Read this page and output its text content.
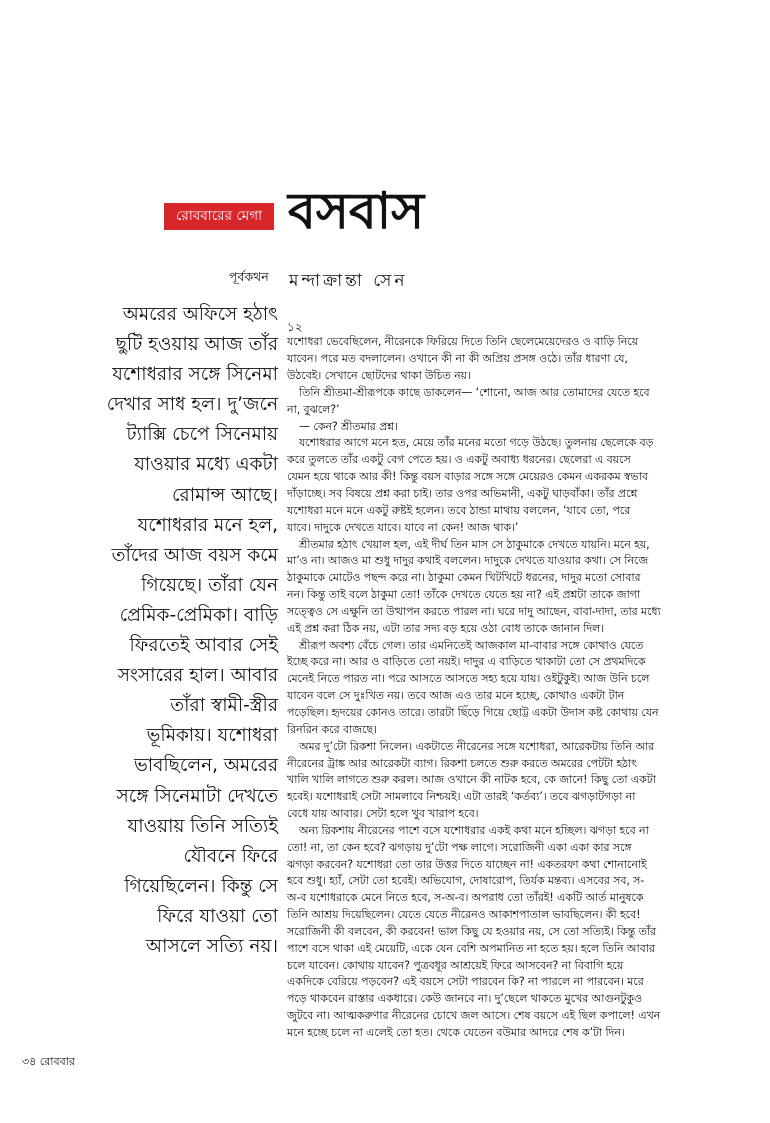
রোববারের মেগা বসবাস
পূর্বকথন মন্দাক্রান্তা সেন
অমরের অফিসে হঠাৎ
ছুটি হওয়ায় আজ তাঁর
যশোধরার সঙ্গে সিনেমা
দেখার সাধ হল। দু’জনে
ট্যাক্সি চেপে সিনেমায়
যাওয়ার মধ্যে একটা
রোমান্স আছে।
যশোধরার মনে হল,
তাঁদের আজ বয়স কমে
গিয়েছে। তাঁরা যেন
প্রেমিক-প্রেমিকা। বাড়ি
ফিরতেই আবার সেই
সংসারের হাল। আবার
তাঁরা স্বামী-স্ত্রীর
ভূমিকায়। যশোধরা
ভাবছিলেন, অমরের
সঙ্গে সিনেমাটা দেখতে
যাওয়ায় তিনি সত্যিই
যৌবনে ফিরে
গিয়েছিলেন। কিন্তু সে
ফিরে যাওয়া তো
আসলে সত্যি নয়।
১২
যশোধরা ভেবেছিলেন, নীরেনকে ফিরিয়ে দিতে তিনি ছেলেমেয়েদেরও ও বাড়ি নিয়ে
যাবেন। পরে মত বদলালেন। ওখানে কী না কী অপ্রিয় প্রসঙ্গ ওঠে। তাঁর ধারণা যে,
উঠবেই। সেখানে ছোটদের থাকা উচিত নয়।
তিনি শ্রীতমা-শ্রীরূপকে কাছে ডাকলেন— ‘শোনো, আজ আর তোমাদের যেতে হবে
না, বুঝলে?’
— কেন? শ্রীতমার প্রশ্ন।
যশোধরার আগে মনে হত, মেয়ে তাঁর মনের মতো গড়ে উঠছে। তুলনায় ছেলেকে বড়
করে তুলতে তাঁর একটু বেগ পেতে হয়। ও একটু অবাধ্য ধরনের। ছেলেরা এ বয়সে
যেমন হয়ে থাকে আর কী! কিন্তু বয়স বাড়ার সঙ্গে সঙ্গে মেয়েরও কেমন একরকম স্বভাব
দাঁড়াচ্ছে। সব বিষয়ে প্রশ্ন করা চাই। তার ওপর অভিমানী, একটু ঘাড়বাঁকা। তাঁর প্রশ্নে
যশোধরা মনে মনে একটু রুষ্টই হলেন। তবে ঠান্ডা মাথায় বললেন, ‘যাবে তো, পরে
যাবে। দাদুকে দেখতে যাবে। যাবে না কেন! আজ থাক।’
শ্রীতমার হঠাৎ খেয়াল হল, এই দীর্ঘ তিন মাস সে ঠাকুমাকে দেখতে যায়নি। মনে হয়,
মা’ও না। আজও মা শুধু দাদুর কথাই বললেন। দাদুকে দেখতে যাওয়ার কথা। সে নিজে
ঠাকুমাকে মোটেও পছন্দ করে না। ঠাকুমা কেমন খিটখিটে ধরনের, দাদুর মতো সোবার
নন। কিন্তু তাই বলে ঠাকুমা তো! তাঁকে দেখতে যেতে হয় না? এই প্রশ্নটা তাকে জাগা
সত্ত্বেও সে এক্ষুনি তা উত্থাপন করতে পারল না। ঘরে দাদু আছেন, বাবা-দাদা, তার মধ্যে
এই প্রশ্ন করা ঠিক নয়, এটা তার সদ্য বড় হয়ে ওঠা বোধ তাকে জানান দিল।
শ্রীরূপ অবশ্য বেঁচে গেল। তার এমনিতেই আজকাল মা-বাবার সঙ্গে কোথাও যেতে
ইচ্ছে করে না। আর ও বাড়িতে তো নয়ই। দাদুর এ বাড়িতে থাকাটা তো সে প্রথমদিকে
মেনেই নিতে পারত না। পরে আসতে আসতে সহ্য হয়ে যায়। ওইটুকুই। আজ উনি চলে
যাবেন বলে সে দুঃখিত নয়। তবে আজ এও তার মনে হচ্ছে, কোথাও একটা টান
পড়েছিল। হৃদয়ের কোনও তারে। তারটা ছিঁড়ে গিয়ে ছোট্ট একটা উদাস কষ্ট কোথায় যেন
রিনরিন করে বাজছে।
অমর দু’টো রিকশা নিলেন। একটাতে নীরেনের সঙ্গে যশোধরা, আরেকটায় তিনি আর
নীরেনের ট্রাঙ্ক আর আরেকটা ব্যাগ। রিকশা চলতে শুরু করতে অমরের পেটটা হঠাৎ
খালি খালি লাগতে শুরু করল। আজ ওখানে কী নাটক হবে, কে জানে! কিছু তো একটা
হবেই। যশোধরাই সেটা সামলাবে নিশ্চয়ই। এটা তারই ‘কর্তব্য’। তবে ঝগড়াটগড়া না
বেধে যায় আবার। সেটা হলে খুব খারাপ হবে।
অন্য রিকশায় নীরেনের পাশে বসে যশোধরার একই কথা মনে হচ্ছিল। ঝগড়া হবে না
তো! না, তা কেন হবে? ঝগড়ায় দু’টো পক্ষ লাগে। সরোজিনী একা একা কার সঙ্গে
ঝগড়া করবেন? যশোধরা তো তার উত্তর দিতে যাচ্ছেন না! একতরফা কথা শোনানোই
হবে শুধু। হ্যাঁ, সেটা তো হবেই। অভিযোগ, দোষারোপ, তির্যক মন্তব্য। এসবের সব, স-
অ-ব যশোধরাকে মেনে নিতে হবে, স-অ-ব। অপরাধ তো তাঁরই! একটি আর্ত মানুষকে
তিনি আশ্রয় দিয়েছিলেন। যেতে যেতে নীরেনও আকাশপাতাল ভাবছিলেন। কী হবে!
সরোজিনী কী বলবেন, কী করবেন! ভাল কিছু যে হওয়ার নয়, সে তো সত্যিই। কিন্তু তাঁর
পাশে বসে থাকা এই মেয়েটি, একে যেন বেশি অপমানিত না হতে হয়। হলে তিনি আবার
চলে যাবেন। কোথায় যাবেন? পুত্রবধূর আশ্রয়েই ফিরে আসবেন? না বিবাগি হয়ে
একদিকে বেরিয়ে পড়বেন? এই বয়সে সেটা পারবেন কি? না পারলে না পারবেন। মরে
পড়ে থাকবেন রাস্তার একধারে। কেউ জানবে না। দু’ছেলে থাকতে মুখের আগুনটুকুও
জুটবে না। আত্মকরুণার নীরেনের চোখে জল আসে। শেষ বয়সে এই ছিল কপালে! এখন
মনে হচ্ছে চলে না এলেই তো হত। থেকে যেতেন বউমার আদরে শেষ ক’টা দিন।
৩৪ রোববার
